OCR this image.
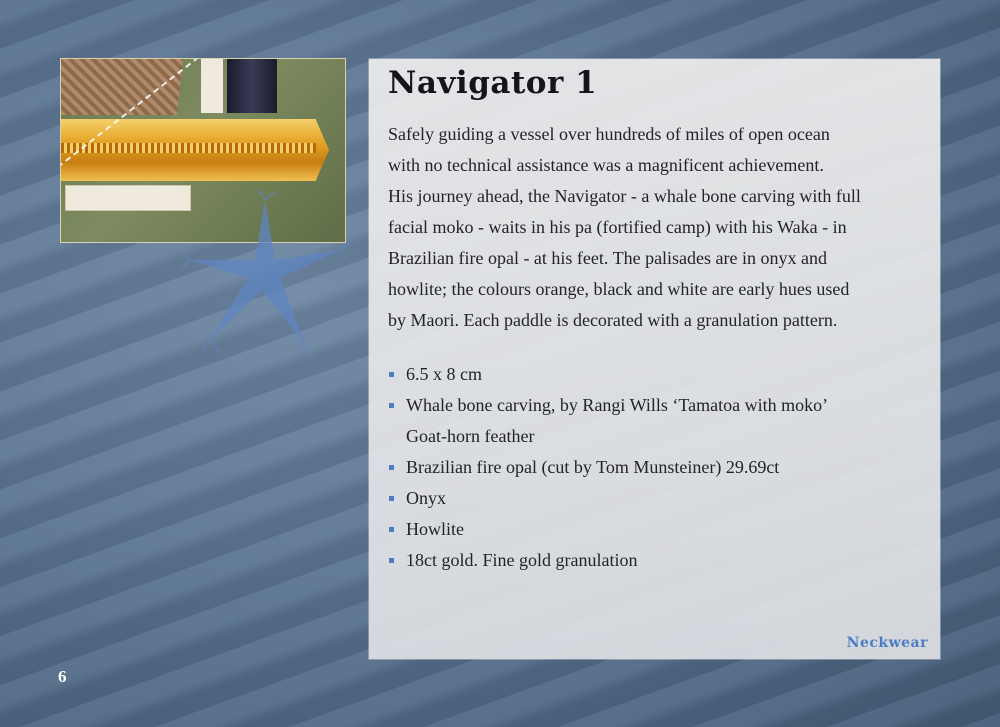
Navigator 1

Safely guiding a vessel over hundreds of miles of open ocean
with no technical assistance was a magnificent achievement.
His journey ahead, the Navigator - a whale bone carving with full
facial moko - waits in his pa (fortified camp) with his Waka - in
Brazilian fire opal - at his feet. The palisades are in onyx and
howlite; the colours orange, black and white are early hues used
by Maori. Each paddle is decorated with a granulation pattern.

6.5 x 8 cm
Whale bone carving, by Rangi Wills ‘Tamatoa with moko’
Goat-horn feather
Brazilian fire opal (cut by Tom Munsteiner) 29.69ct
Onyx
Howlite
18ct gold. Fine gold granulation
Neckwear
6
